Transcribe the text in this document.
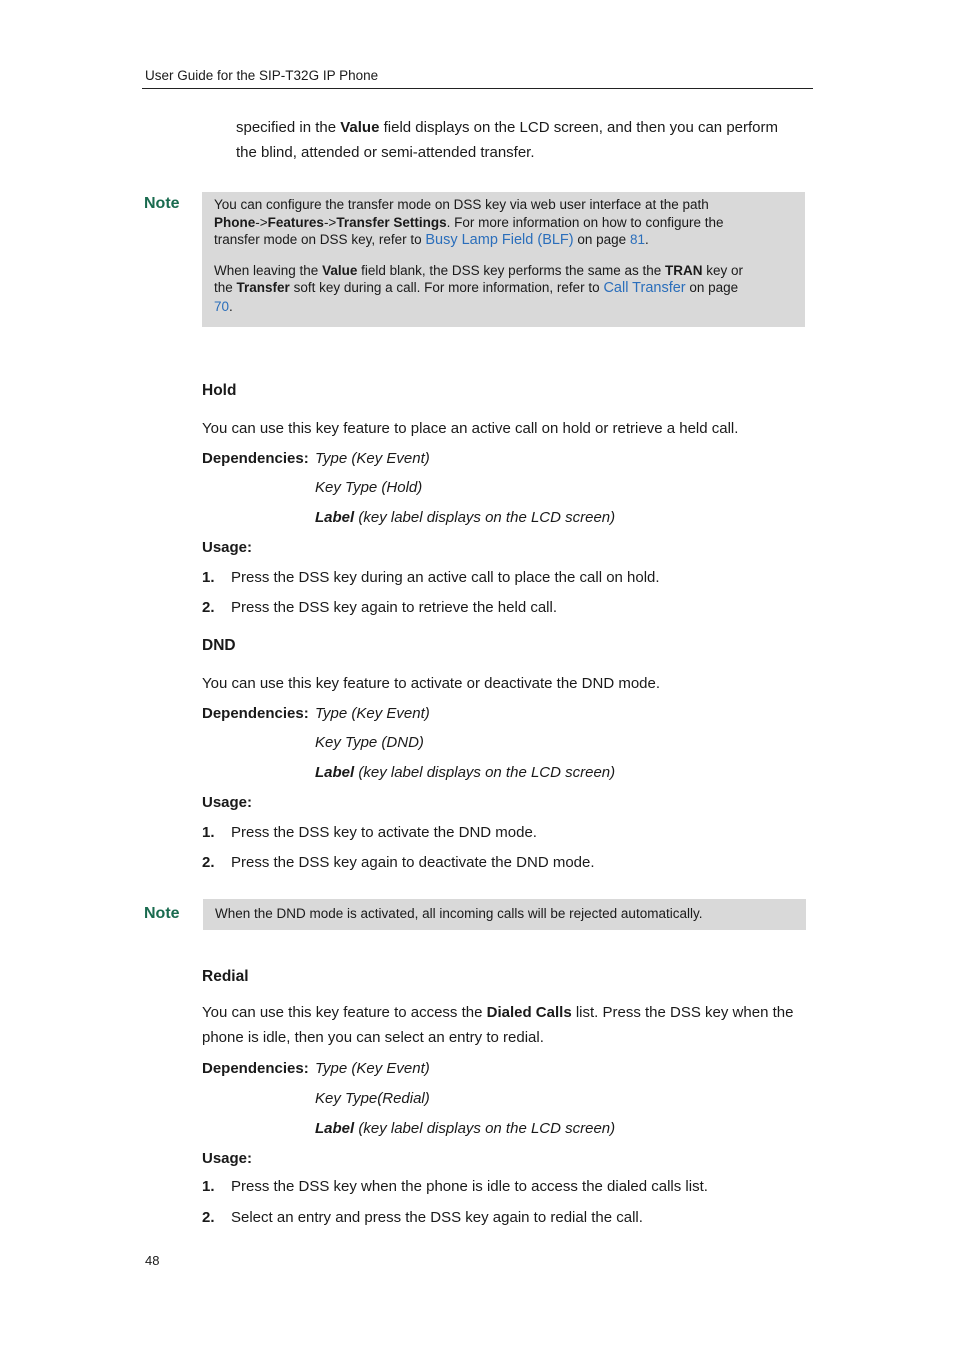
User Guide for the SIP-T32G IP Phone
specified in the Value field displays on the LCD screen, and then you can perform
the blind, attended or semi-attended transfer.
Note	You can configure the transfer mode on DSS key via web user interface at the path
Phone->Features->Transfer Settings. For more information on how to configure the
transfer mode on DSS key, refer to Busy Lamp Field (BLF) on page 81.
When leaving the Value field blank, the DSS key performs the same as the TRAN key or
the Transfer soft key during a call. For more information, refer to Call Transfer on page
70.
Hold
You can use this key feature to place an active call on hold or retrieve a held call.
Dependencies: Type (Key Event)
Key Type (Hold)
Label (key label displays on the LCD screen)
Usage:
1. Press the DSS key during an active call to place the call on hold.
2. Press the DSS key again to retrieve the held call.
DND
You can use this key feature to activate or deactivate the DND mode.
Dependencies: Type (Key Event)
Key Type (DND)
Label (key label displays on the LCD screen)
Usage:
1. Press the DSS key to activate the DND mode.
2. Press the DSS key again to deactivate the DND mode.
Note	When the DND mode is activated, all incoming calls will be rejected automatically.
Redial
You can use this key feature to access the Dialed Calls list. Press the DSS key when the
phone is idle, then you can select an entry to redial.
Dependencies: Type (Key Event)
Key Type(Redial)
Label (key label displays on the LCD screen)
Usage:
1. Press the DSS key when the phone is idle to access the dialed calls list.
2. Select an entry and press the DSS key again to redial the call.
48
